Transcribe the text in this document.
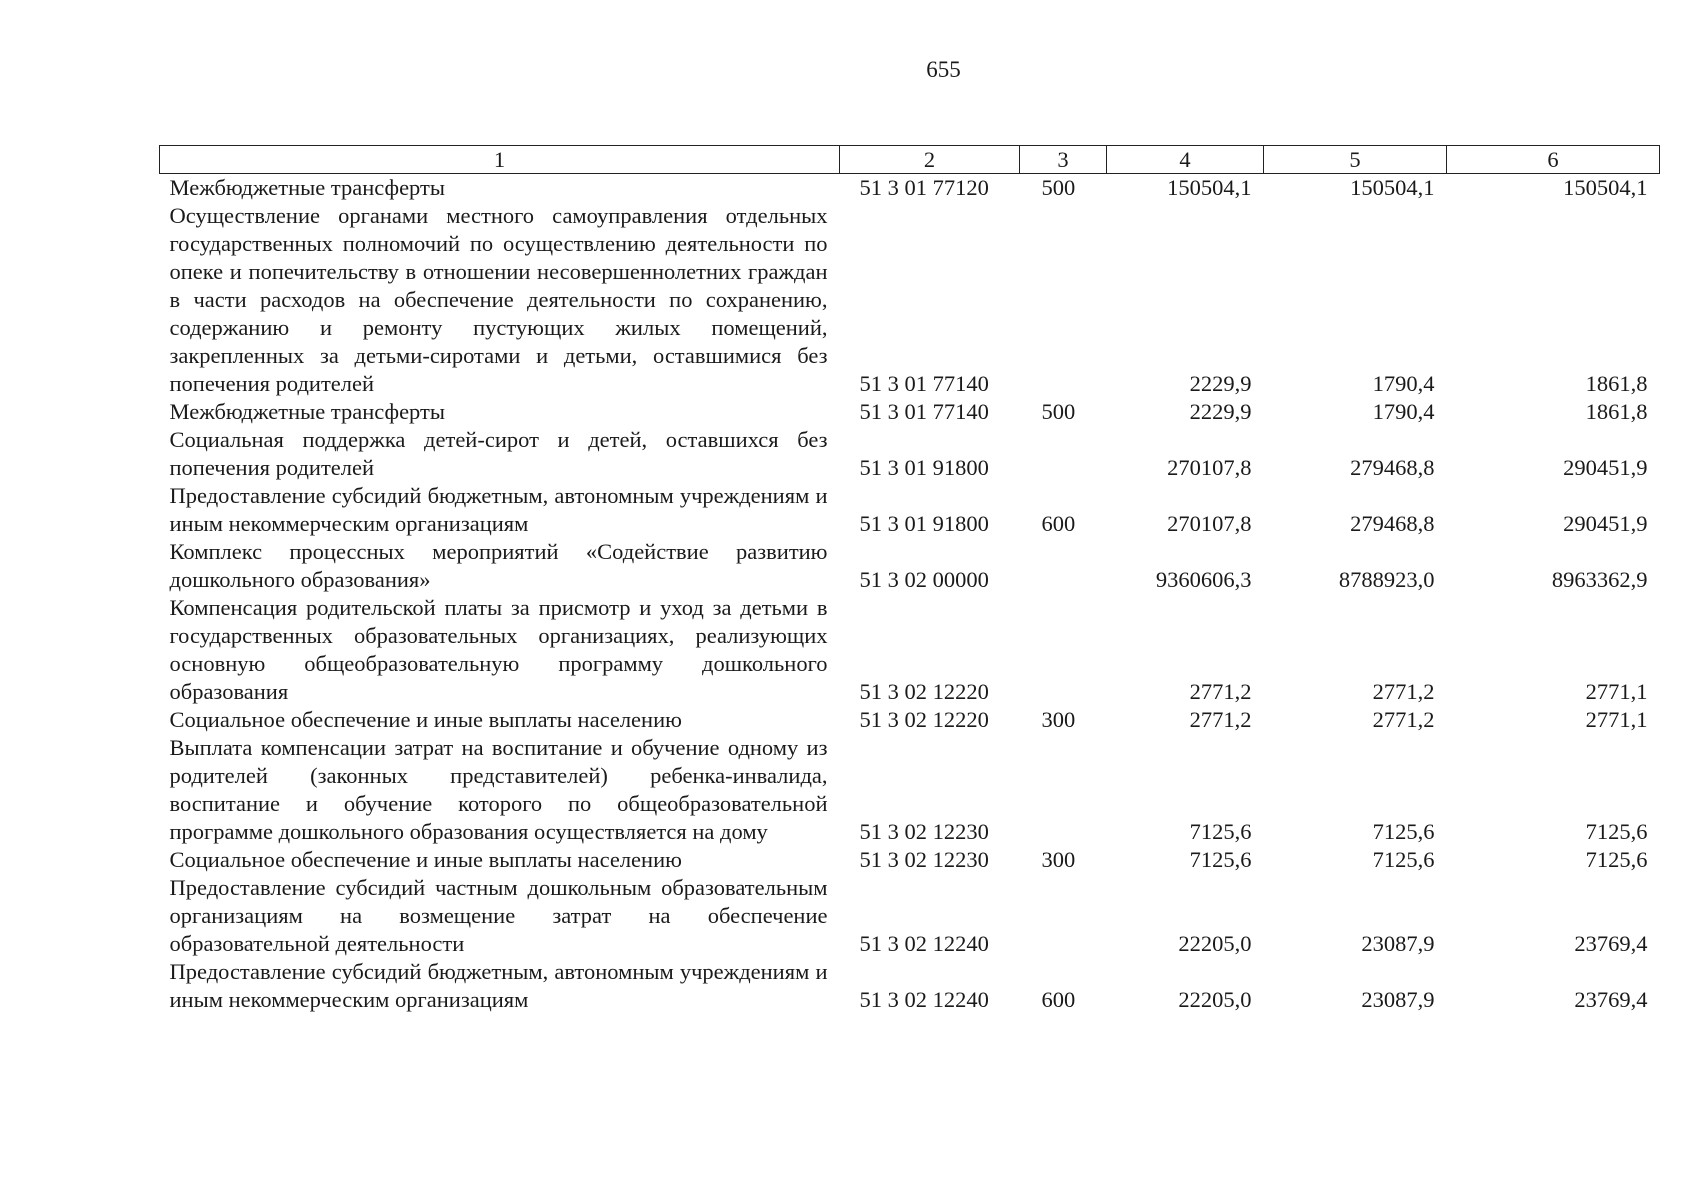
655
1	2	3	4	5	6
Межбюджетные трансферты	51 3 01 77120	500	150504,1	150504,1	150504,1
Осуществление органами местного самоуправления отдельных государственных полномочий по осуществлению деятельности по опеке и попечительству в отношении несовершеннолетних граждан в части расходов на обеспечение деятельности по сохранению, содержанию и ремонту пустующих жилых помещений, закрепленных за детьми-сиротами и детьми, оставшимися без попечения родителей	51 3 01 77140		2229,9	1790,4	1861,8
Межбюджетные трансферты	51 3 01 77140	500	2229,9	1790,4	1861,8
Социальная поддержка детей-сирот и детей, оставшихся без попечения родителей	51 3 01 91800		270107,8	279468,8	290451,9
Предоставление субсидий бюджетным, автономным учреждениям и иным некоммерческим организациям	51 3 01 91800	600	270107,8	279468,8	290451,9
Комплекс процессных мероприятий «Содействие развитию дошкольного образования»	51 3 02 00000		9360606,3	8788923,0	8963362,9
Компенсация родительской платы за присмотр и уход за детьми в государственных образовательных организациях, реализующих основную общеобразовательную программу дошкольного образования	51 3 02 12220		2771,2	2771,2	2771,1
Социальное обеспечение и иные выплаты населению	51 3 02 12220	300	2771,2	2771,2	2771,1
Выплата компенсации затрат на воспитание и обучение одному из родителей (законных представителей) ребенка-инвалида, воспитание и обучение которого по общеобразовательной программе дошкольного образования осуществляется на дому	51 3 02 12230		7125,6	7125,6	7125,6
Социальное обеспечение и иные выплаты населению	51 3 02 12230	300	7125,6	7125,6	7125,6
Предоставление субсидий частным дошкольным образовательным организациям на возмещение затрат на обеспечение образовательной деятельности	51 3 02 12240		22205,0	23087,9	23769,4
Предоставление субсидий бюджетным, автономным учреждениям и иным некоммерческим организациям	51 3 02 12240	600	22205,0	23087,9	23769,4
